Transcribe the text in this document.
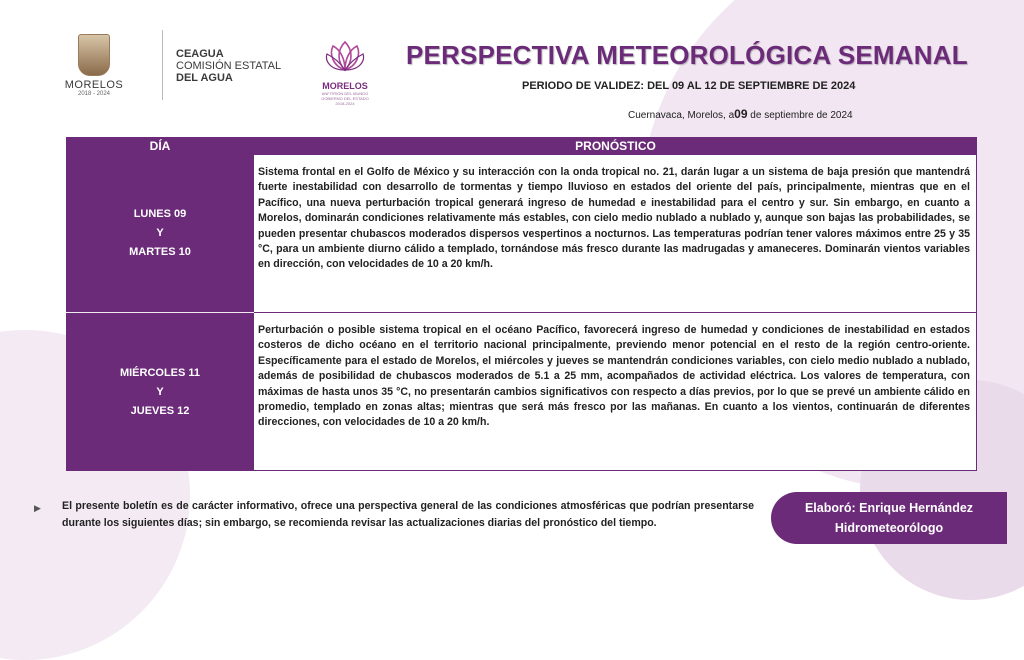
MORELOS
2018 - 2024
CEAGUA
COMISIÓN ESTATAL
DEL AGUA
MORELOS
ANFITRIÓN DEL MUNDO
GOBIERNO DEL ESTADO
2018-2024
PERSPECTIVA METEOROLÓGICA SEMANAL
PERIODO DE VALIDEZ: DEL 09 AL 12 DE SEPTIEMBRE DE 2024
Cuernavaca, Morelos, a09 de septiembre de 2024
DÍA	PRONÓSTICO
LUNES 09
Y
MARTES 10
Sistema frontal en el Golfo de México y su interacción con la onda tropical no. 21, darán lugar a un sistema de baja presión que mantendrá fuerte inestabilidad con desarrollo de tormentas y tiempo lluvioso en estados del oriente del país, principalmente, mientras que en el Pacífico, una nueva perturbación tropical generará ingreso de humedad e inestabilidad para el centro y sur. Sin embargo, en cuanto a Morelos, dominarán condiciones relativamente más estables, con cielo medio nublado a nublado y, aunque son bajas las probabilidades, se pueden presentar chubascos moderados dispersos vespertinos a nocturnos. Las temperaturas podrían tener valores máximos entre 25 y 35 °C, para un ambiente diurno cálido a templado, tornándose más fresco durante las madrugadas y amaneceres. Dominarán vientos variables en dirección, con velocidades de 10 a 20 km/h.
MIÉRCOLES 11
Y
JUEVES 12
Perturbación o posible sistema tropical en el océano Pacífico, favorecerá ingreso de humedad y condiciones de inestabilidad en estados costeros de dicho océano en el territorio nacional principalmente, previendo menor potencial en el resto de la región centro-oriente. Específicamente para el estado de Morelos, el miércoles y jueves se mantendrán condiciones variables, con cielo medio nublado a nublado, además de posibilidad de chubascos moderados de 5.1 a 25 mm, acompañados de actividad eléctrica. Los valores de temperatura, con máximas de hasta unos 35 °C, no presentarán cambios significativos con respecto a días previos, por lo que se prevé un ambiente cálido en promedio, templado en zonas altas; mientras que será más fresco por las mañanas. En cuanto a los vientos, continuarán de diferentes direcciones, con velocidades de 10 a 20 km/h.
▶ El presente boletín es de carácter informativo, ofrece una perspectiva general de las condiciones atmosféricas que podrían presentarse durante los siguientes días; sin embargo, se recomienda revisar las actualizaciones diarias del pronóstico del tiempo.
Elaboró: Enrique Hernández
Hidrometeorólogo
